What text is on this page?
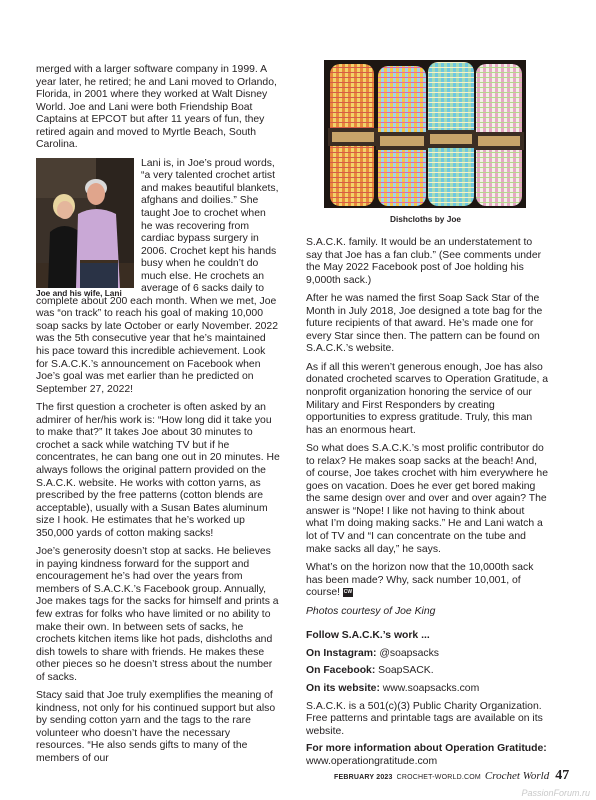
merged with a larger software company in 1999. A year later, he retired; he and Lani moved to Orlando, Florida, in 2001 where they worked at Walt Disney World. Joe and Lani were both Friendship Boat Captains at EPCOT but after 11 years of fun, they retired again and moved to Myrtle Beach, South Carolina.

Joe and his wife, Lani

Lani is, in Joe’s proud words, “a very talented crochet artist and makes beautiful blankets, afghans and doilies.” She taught Joe to crochet when he was recovering from cardiac bypass surgery in 2006. Crochet kept his hands busy when he couldn’t do much else. He crochets an average of 6 sacks daily to complete about 200 each month. When we met, Joe was “on track” to reach his goal of making 10,000 soap sacks by late October or early November. 2022 was the 5th consecutive year that he’s maintained his pace toward this incredible achievement. Look for S.A.C.K.’s announcement on Facebook when Joe’s goal was met earlier than he predicted on September 27, 2022!

The first question a crocheter is often asked by an admirer of her/his work is: “How long did it take you to make that?” It takes Joe about 30 minutes to crochet a sack while watching TV but if he concentrates, he can bang one out in 20 minutes. He always follows the original pattern provided on the S.A.C.K. website. He works with cotton yarns, as prescribed by the free patterns (cotton blends are acceptable), usually with a Susan Bates aluminum size I hook. He estimates that he’s worked up 350,000 yards of cotton making sacks!

Joe’s generosity doesn’t stop at sacks. He believes in paying kindness forward for the support and encouragement he’s had over the years from members of S.A.C.K.’s Facebook group. Annually, Joe makes tags for the sacks for himself and prints a few extras for folks who have limited or no ability to make their own. In between sets of sacks, he crochets kitchen items like hot pads, dishcloths and dish towels to share with friends. He makes these other pieces so he doesn’t stress about the number of sacks.

Stacy said that Joe truly exemplifies the meaning of kindness, not only for his continued support but also by sending cotton yarn and the tags to the rare volunteer who doesn’t have the necessary resources. “He also sends gifts to many of the members of our

Dishcloths by Joe

S.A.C.K. family. It would be an understatement to say that Joe has a fan club.” (See comments under the May 2022 Facebook post of Joe holding his 9,000th sack.)

After he was named the first Soap Sack Star of the Month in July 2018, Joe designed a tote bag for the future recipients of that award. He’s made one for every Star since then. The pattern can be found on S.A.C.K.’s website.

As if all this weren’t generous enough, Joe has also donated crocheted scarves to Operation Gratitude, a nonprofit organization honoring the service of our Military and First Responders by creating opportunities to express gratitude. Truly, this man has an enormous heart.

So what does S.A.C.K.’s most prolific contributor do to relax? He makes soap sacks at the beach! And, of course, Joe takes crochet with him everywhere he goes on vacation. Does he ever get bored making the same design over and over and over again? The answer is “Nope! I like not having to think about what I’m doing making sacks.” He and Lani watch a lot of TV and “I can concentrate on the tube and make sacks all day,” he says.

What’s on the horizon now that the 10,000th sack has been made? Why, sack number 10,001, of course! CW

Photos courtesy of Joe King

Follow S.A.C.K.’s work ...

On Instagram: @soapsacks

On Facebook: SoapSACK.

On its website: www.soapsacks.com

S.A.C.K. is a 501(c)(3) Public Charity Organization. Free patterns and printable tags are available on its website.

For more information about Operation Gratitude: www.operationgratitude.com

FEBRUARY 2023 CROCHET-WORLD.COM Crochet World 47
PassionForum.ru
